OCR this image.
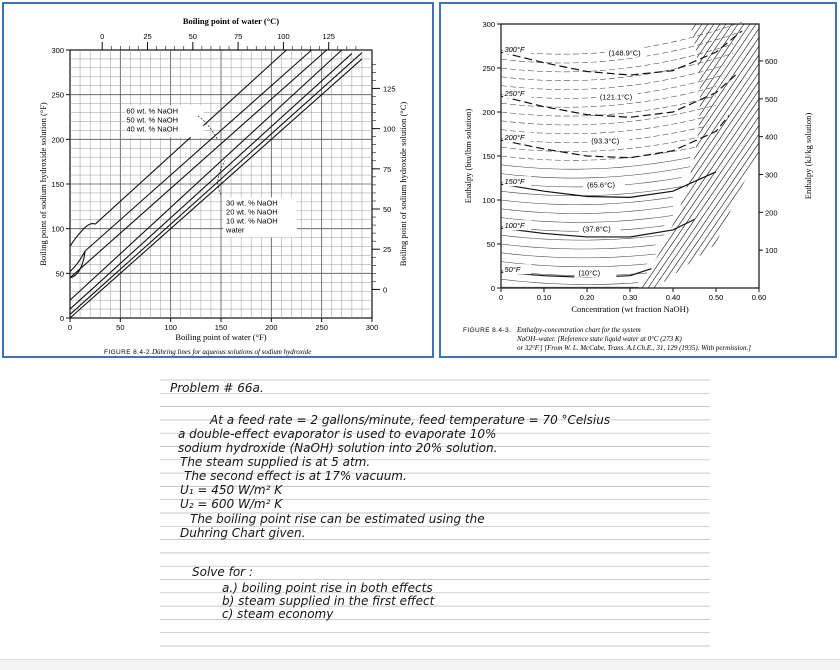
0	50	100	150	200	250	300
0
50
100
150
200
250
300
0	25	50	75	100	125
0
25
50
75
100
125
Boiling point of water (°C)
Boiling point of water (°F)
Boiling point of sodium hydroxide solution (°F)	Boiling point of sodium hydroxide solution (°C)
60 wt. % NaOH
50 wt. % NaOH
40 wt. % NaOH
30 wt. % NaOH
20 wt. % NaOH
10 wt. % NaOH
water
FIGURE 8.4-2. Dühring lines for aqueous solutions of sodium hydroxide
50°F	(10°C)
100°F	(37.8°C)
150°F	(65.6°C)
200°F	(93.3°C)
250°F	(121.1°C)
300°F	(148.9°C)
0	0.10	0.20	0.30	0.40	0.50	0.60
0
50
100
150
200
250
300
100
200
300
400
500
600
Concentration (wt fraction NaOH)
Enthalpy (btu/lbm solution)	Enthalpy (kJ/kg solution)
FIGURE 8.4-3. Enthalpy-concentration chart for the system NaOH–water. [Reference state liquid water at 0°C (273 K) or 32°F.] [From W. L. McCabe, Trans. A.I.Ch.E., 31, 129 (1935). With permission.]
Problem # 66a.
At a feed rate = 2 gallons/minute, feed temperature = 70 °Celsius
a double-effect evaporator is used to evaporate 10%
sodium hydroxide (NaOH) solution into 20% solution.
The steam supplied is at 5 atm.
The second effect is at 17% vacuum.
U₁ = 450 W/m² K
U₂ = 600 W/m² K
The boiling point rise can be estimated using the
Duhring Chart given.
Solve for :
a.) boiling point rise in both effects
b) steam supplied in the first effect
c) steam economy
